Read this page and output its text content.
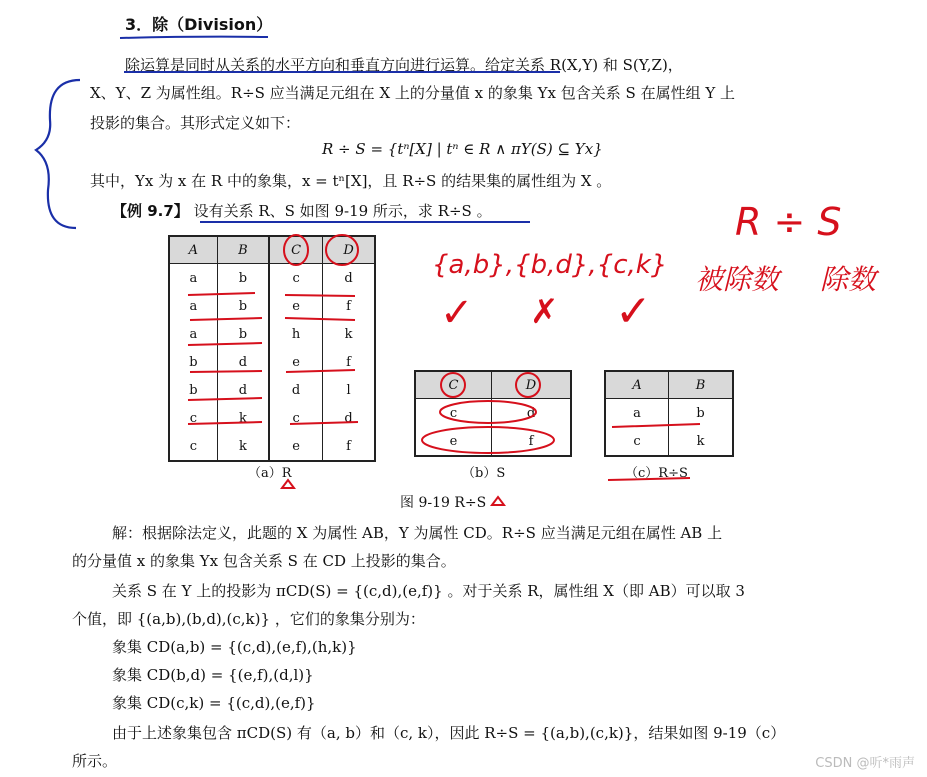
3．除（Division）
除运算是同时从关系的水平方向和垂直方向进行运算。给定关系 R(X,Y) 和 S(Y,Z)，
X、Y、Z 为属性组。R÷S 应当满足元组在 X 上的分量值 x 的象集 Yx 包含关系 S 在属性组 Y 上
投影的集合。其形式定义如下：
R ÷ S = {tⁿ[X] | tⁿ ∈ R ∧ πY(S) ⊆ Yx}
其中，Yx 为 x 在 R 中的象集，x = tⁿ[X]，且 R÷S 的结果集的属性组为 X 。
【例 9.7】 设有关系 R、S 如图 9-19 所示，求 R÷S 。
A	B	C	D
a	b	c	d
a	b	e	f
a	b	h	k
b	d	e	f
b	d	d	l
c	k	c	d
c	k	e	f
（a）R
C	D
c	d
e	f
（b）S
A	B
a	b
c	k
（c）R÷S
图 9-19 R÷S
{a,b},{b,d},{c,k}
✓ ✗ ✓
R ÷ S
被除数 除数
解：根据除法定义，此题的 X 为属性 AB，Y 为属性 CD。R÷S 应当满足元组在属性 AB 上
的分量值 x 的象集 Yx 包含关系 S 在 CD 上投影的集合。
关系 S 在 Y 上的投影为 πCD(S) = {(c,d),(e,f)} 。对于关系 R，属性组 X（即 AB）可以取 3
个值，即 {(a,b),(b,d),(c,k)} ，它们的象集分别为：
象集 CD(a,b) = {(c,d),(e,f),(h,k)}
象集 CD(b,d) = {(e,f),(d,l)}
象集 CD(c,k) = {(c,d),(e,f)}
由于上述象集包含 πCD(S) 有（a, b）和（c, k），因此 R÷S = {(a,b),(c,k)}，结果如图 9-19（c）
所示。	CSDN @听*雨声
